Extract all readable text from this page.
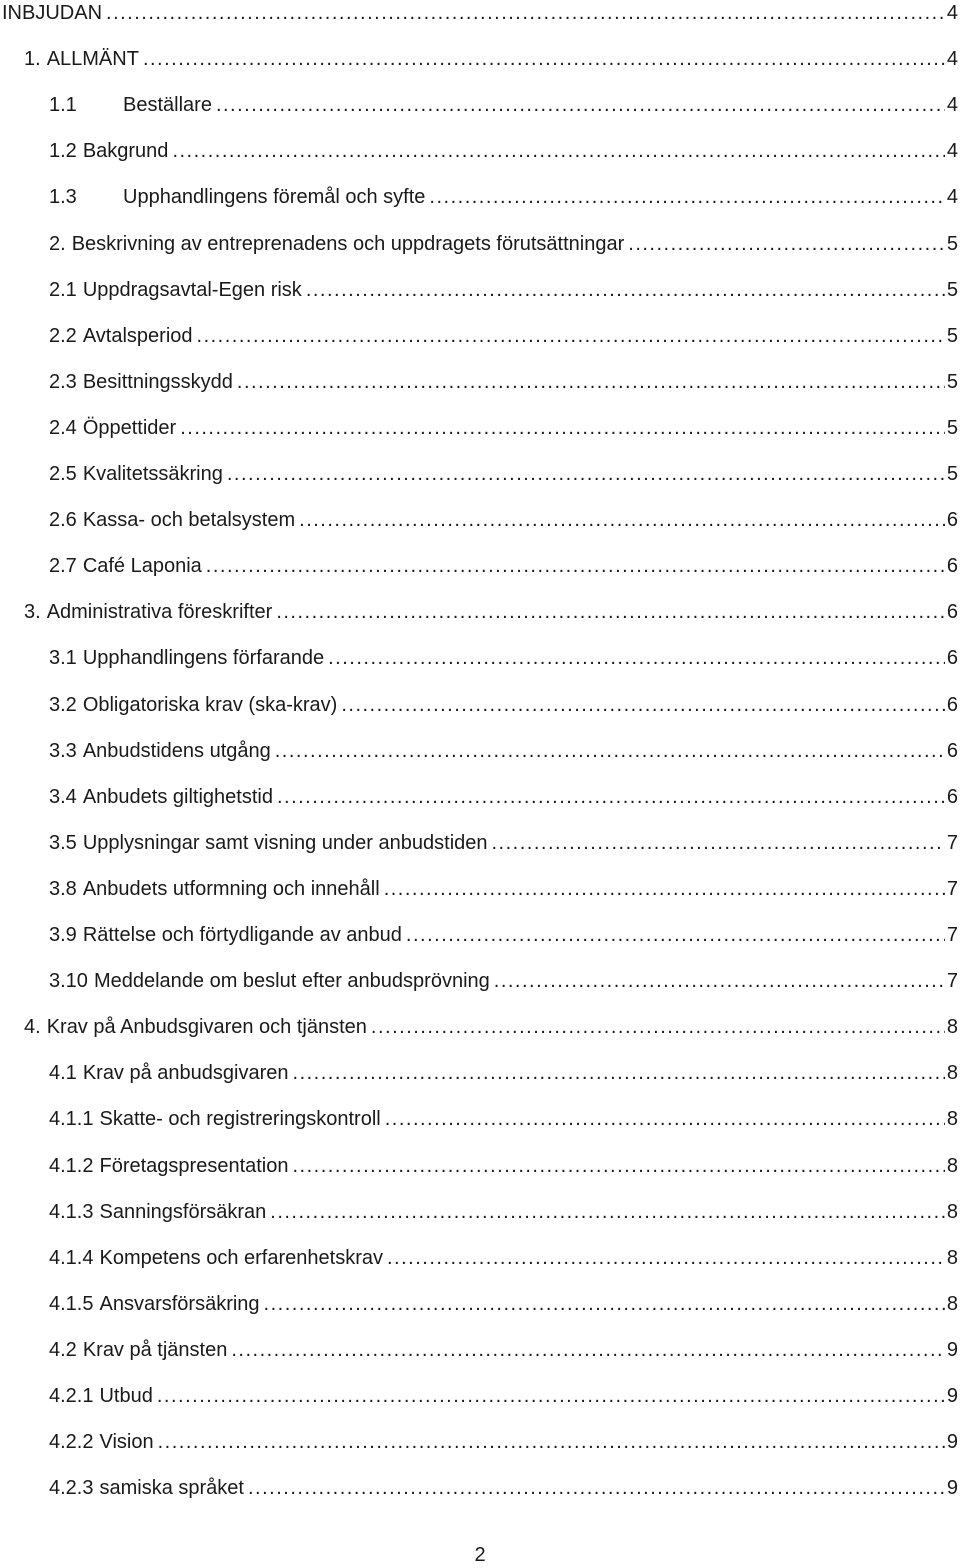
INBJUDAN .....	4
1. ALLMÄNT .....	4
1.1	Beställare .....	4
1.2 Bakgrund .....	4
1.3	Upphandlingens föremål och syfte .....	4
2. Beskrivning av entreprenadens och uppdragets förutsättningar .....	5
2.1 Uppdragsavtal-Egen risk .....	5
2.2 Avtalsperiod .....	5
2.3 Besittningsskydd .....	5
2.4 Öppettider .....	5
2.5 Kvalitetssäkring .....	5
2.6 Kassa- och betalsystem .....	6
2.7 Café Laponia .....	6
3. Administrativa föreskrifter .....	6
3.1 Upphandlingens förfarande .....	6
3.2 Obligatoriska krav (ska-krav) .....	6
3.3 Anbudstidens utgång .....	6
3.4 Anbudets giltighetstid .....	6
3.5 Upplysningar samt visning under anbudstiden .....	7
3.8 Anbudets utformning och innehåll .....	7
3.9 Rättelse och förtydligande av anbud .....	7
3.10 Meddelande om beslut efter anbudsprövning .....	7
4. Krav på Anbudsgivaren och tjänsten .....	8
4.1 Krav på anbudsgivaren .....	8
4.1.1 Skatte- och registreringskontroll .....	8
4.1.2 Företagspresentation .....	8
4.1.3 Sanningsförsäkran .....	8
4.1.4 Kompetens och erfarenhetskrav .....	8
4.1.5 Ansvarsförsäkring .....	8
4.2 Krav på tjänsten .....	9
4.2.1 Utbud .....	9
4.2.2 Vision .....	9
4.2.3 samiska språket .....	9
2
